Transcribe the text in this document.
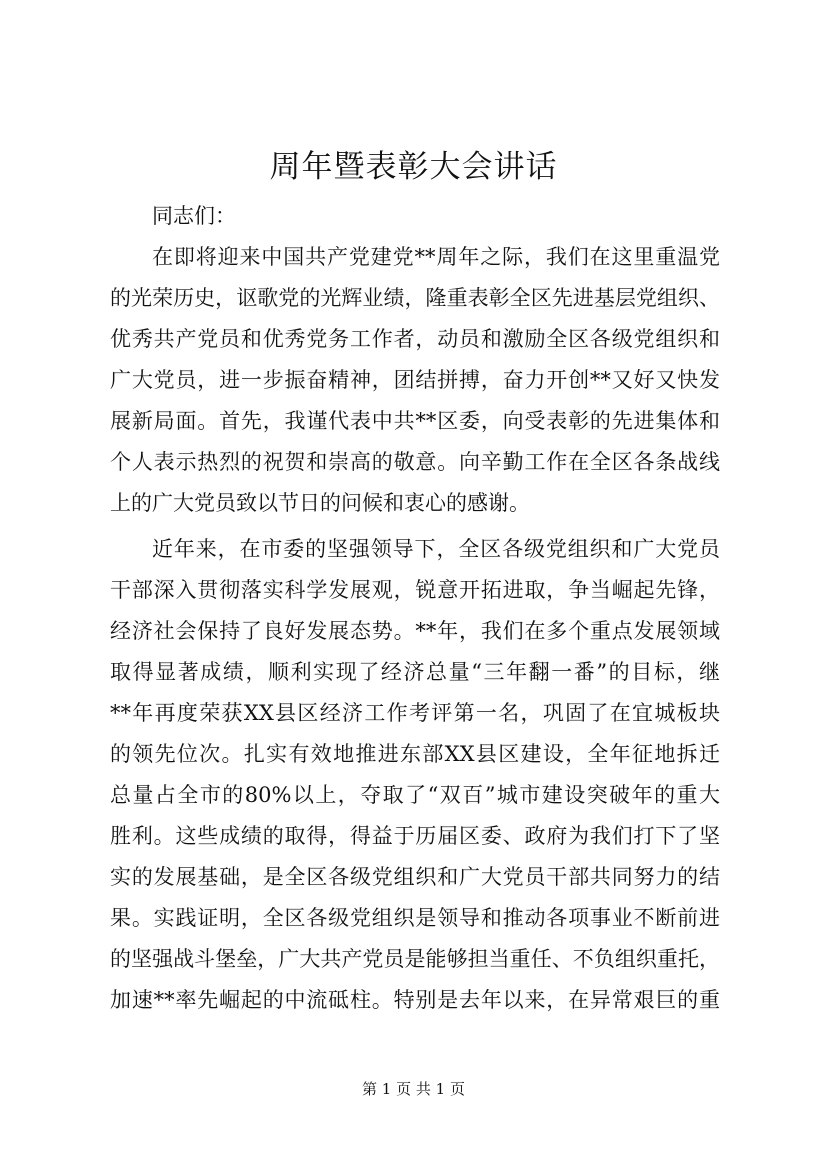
周年暨表彰大会讲话
同志们：
在即将迎来中国共产党建党**周年之际，我们在这里重温党
的光荣历史，讴歌党的光辉业绩，隆重表彰全区先进基层党组织、
优秀共产党员和优秀党务工作者，动员和激励全区各级党组织和
广大党员，进一步振奋精神，团结拼搏，奋力开创**又好又快发
展新局面。首先，我谨代表中共**区委，向受表彰的先进集体和
个人表示热烈的祝贺和崇高的敬意。向辛勤工作在全区各条战线
上的广大党员致以节日的问候和衷心的感谢。
近年来，在市委的坚强领导下，全区各级党组织和广大党员
干部深入贯彻落实科学发展观，锐意开拓进取，争当崛起先锋，
经济社会保持了良好发展态势。**年，我们在多个重点发展领域
取得显著成绩，顺利实现了经济总量“三年翻一番”的目标，继
**年再度荣获XX县区经济工作考评第一名，巩固了在宜城板块
的领先位次。扎实有效地推进东部XX县区建设，全年征地拆迁
总量占全市的80%以上，夺取了“双百”城市建设突破年的重大
胜利。这些成绩的取得，得益于历届区委、政府为我们打下了坚
实的发展基础，是全区各级党组织和广大党员干部共同努力的结
果。实践证明，全区各级党组织是领导和推动各项事业不断前进
的坚强战斗堡垒，广大共产党员是能够担当重任、不负组织重托，
加速**率先崛起的中流砥柱。特别是去年以来，在异常艰巨的重
第 1 页 共 1 页
